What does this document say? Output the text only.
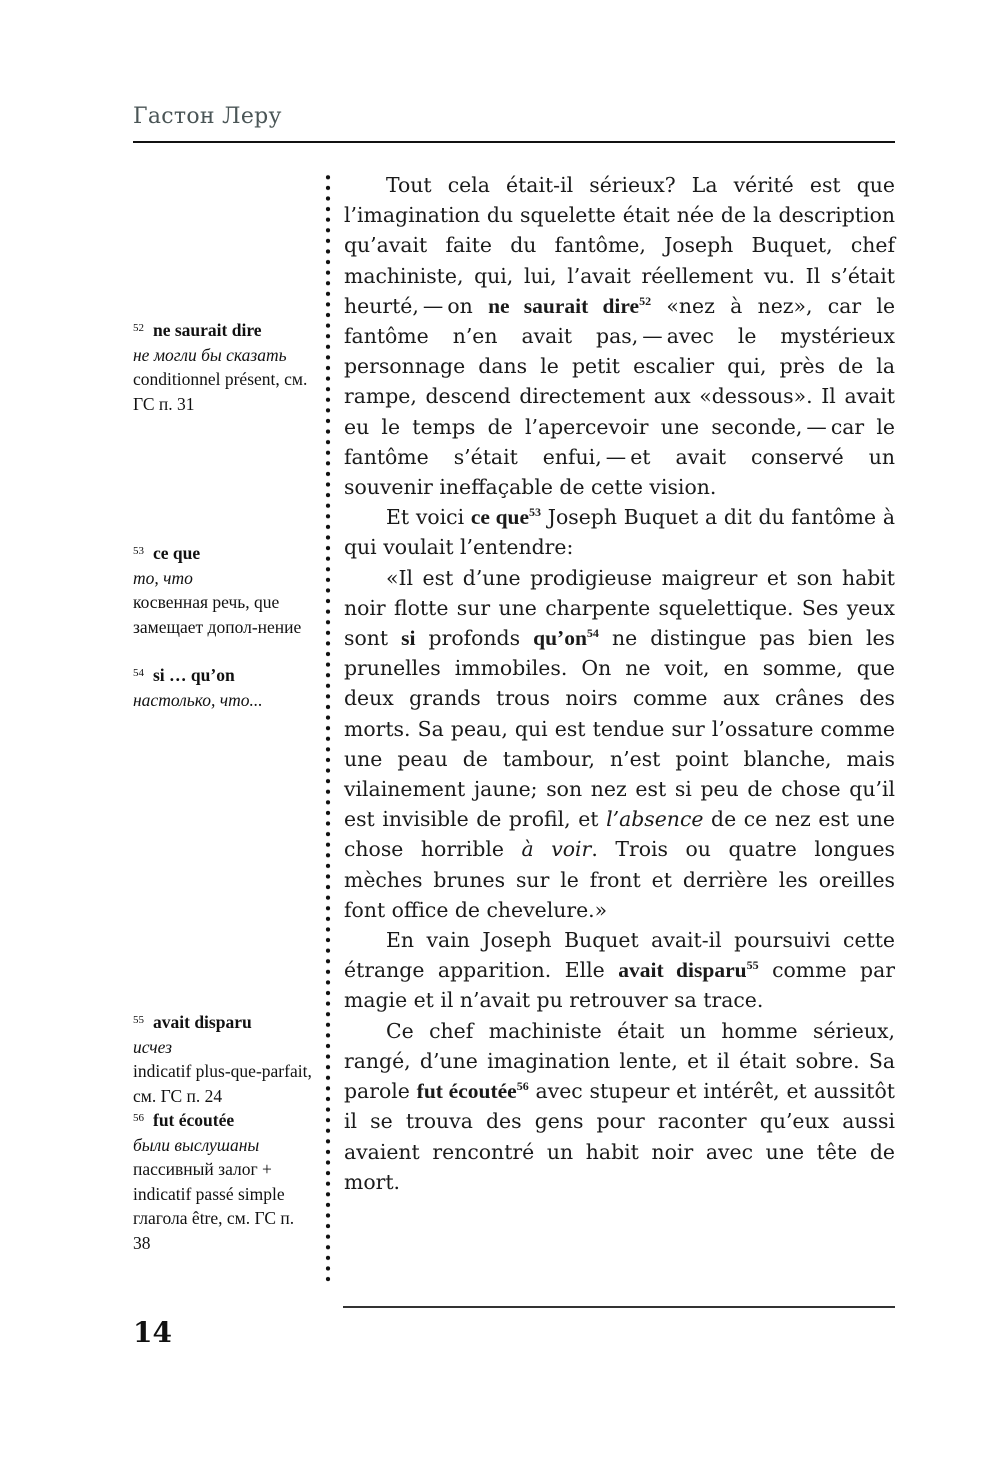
Гастон Леру
$^{52}$ ne saurait dire
не могли бы сказать
conditionnel présent, см. ГС п. 31
$^{53}$ ce que
то, что
косвенная речь, que замещает допол-нение
$^{54}$ si … qu’on
настолько, что...
$^{55}$ avait disparu
исчез
indicatif plus-que-parfait, см. ГС п. 24
$^{56}$ fut écoutée
были выслушаны
пассивный залог + indicatif passé simple глагола être, см. ГС п. 38

Tout cela était-il sérieux? La vérité est que l’imagination du squelette était née de la description qu’avait faite du fantôme, Joseph Buquet, chef machiniste, qui, lui, l’avait réellement vu. Il s’était heurté, — on ne saurait dire$^{52}$ «nez à nez», car le fantôme n’en avait pas, — avec le mystérieux personnage dans le petit escalier qui, près de la rampe, descend directement aux «dessous». Il avait eu le temps de l’apercevoir une seconde, — car le fantôme s’était enfui, — et avait conservé un souvenir ineffaçable de cette vision.

Et voici ce que$^{53}$ Joseph Buquet a dit du fantôme à qui voulait l’entendre:

«Il est d’une prodigieuse maigreur et son habit noir flotte sur une charpente squelettique. Ses yeux sont si profonds $qu’on^{54}$ ne distingue pas bien les prunelles immobiles. On ne voit, en somme, que deux grands trous noirs comme aux crânes des morts. Sa peau, qui est tendue sur l’ossature comme une peau de tambour, n’est point blanche, mais vilainement jaune; son nez est si peu de chose qu’il est invisible de profil, et l’absence de ce nez est une chose horrible à voir. Trois ou quatre longues mèches brunes sur le front et derrière les oreilles font office de chevelure.»

En vain Joseph Buquet avait-il poursuivi cette étrange apparition. Elle avait disparu$^{55}$ comme par magie et il n’avait pu retrouver sa trace.

Ce chef machiniste était un homme sérieux, rangé, d’une imagination lente, et il était sobre. Sa parole fut écoutée$^{56}$ avec stupeur et intérêt, et aussitôt il se trouva des gens pour raconter qu’eux aussi avaient rencontré un habit noir avec une tête de mort.

14
